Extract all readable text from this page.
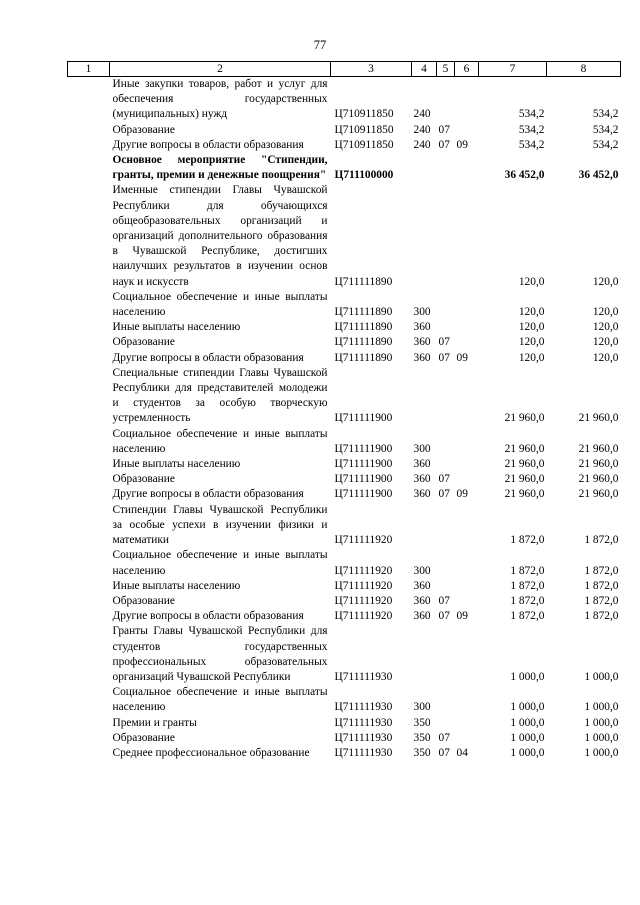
77
1	2	3	4	5	6	7	8
	Иные закупки товаров, работ и услуг для обеспечения государственных (муниципальных) нужд	Ц710911850	240			534,2	534,2
	Образование	Ц710911850	240	07		534,2	534,2
	Другие вопросы в области образования	Ц710911850	240	07	09	534,2	534,2
	Основное мероприятие "Стипендии, гранты, премии и денежные поощрения"	Ц711100000				36 452,0	36 452,0
	Именные стипендии Главы Чувашской Республики для обучающихся общеобразовательных организаций и организаций дополнительного образования в Чувашской Республике, достигших наилучших результатов в изучении основ наук и искусств	Ц711111890				120,0	120,0
	Социальное обеспечение и иные выплаты населению	Ц711111890	300			120,0	120,0
	Иные выплаты населению	Ц711111890	360			120,0	120,0
	Образование	Ц711111890	360	07		120,0	120,0
	Другие вопросы в области образования	Ц711111890	360	07	09	120,0	120,0
	Специальные стипендии Главы Чувашской Республики для представителей молодежи и студентов за особую творческую устремленность	Ц711111900				21 960,0	21 960,0
	Социальное обеспечение и иные выплаты населению	Ц711111900	300			21 960,0	21 960,0
	Иные выплаты населению	Ц711111900	360			21 960,0	21 960,0
	Образование	Ц711111900	360	07		21 960,0	21 960,0
	Другие вопросы в области образования	Ц711111900	360	07	09	21 960,0	21 960,0
	Стипендии Главы Чувашской Республики за особые успехи в изучении физики и математики	Ц711111920				1 872,0	1 872,0
	Социальное обеспечение и иные выплаты населению	Ц711111920	300			1 872,0	1 872,0
	Иные выплаты населению	Ц711111920	360			1 872,0	1 872,0
	Образование	Ц711111920	360	07		1 872,0	1 872,0
	Другие вопросы в области образования	Ц711111920	360	07	09	1 872,0	1 872,0
	Гранты Главы Чувашской Республики для студентов государственных профессиональных образовательных организаций Чувашской Республики	Ц711111930				1 000,0	1 000,0
	Социальное обеспечение и иные выплаты населению	Ц711111930	300			1 000,0	1 000,0
	Премии и гранты	Ц711111930	350			1 000,0	1 000,0
	Образование	Ц711111930	350	07		1 000,0	1 000,0
	Среднее профессиональное образование	Ц711111930	350	07	04	1 000,0	1 000,0
